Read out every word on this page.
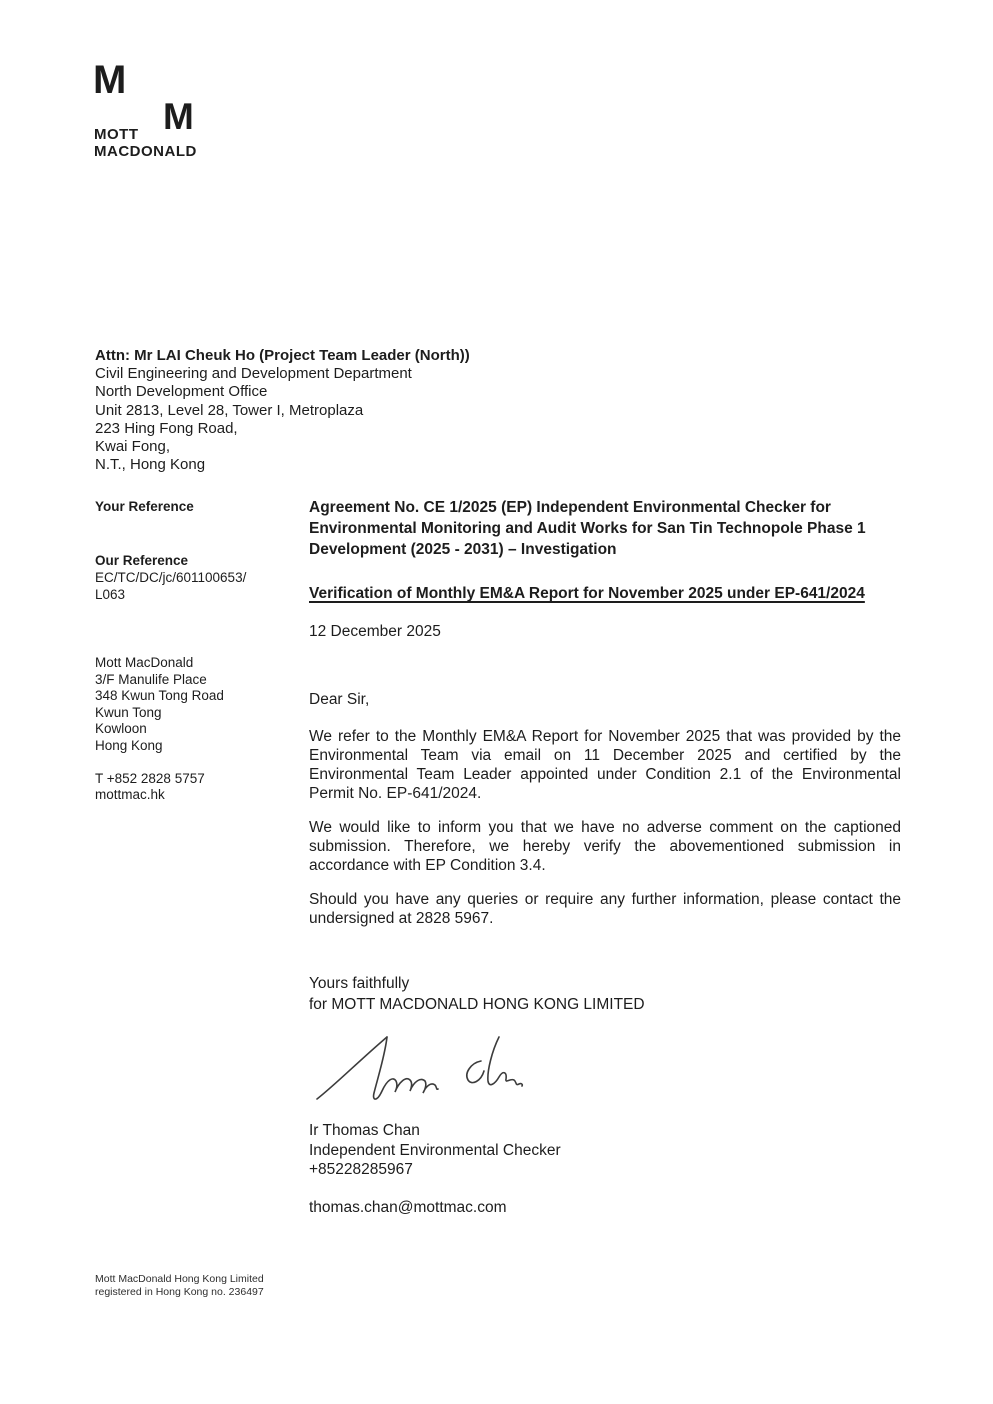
M
M
MOTT
MACDONALD
Attn: Mr LAI Cheuk Ho (Project Team Leader (North))
Civil Engineering and Development Department
North Development Office
Unit 2813, Level 28, Tower I, Metroplaza
223 Hing Fong Road,
Kwai Fong,
N.T., Hong Kong
Your Reference
Our Reference
EC/TC/DC/jc/601100653/
L063
Mott MacDonald
3/F Manulife Place
348 Kwun Tong Road
Kwun Tong
Kowloon
Hong Kong
T +852 2828 5757
mottmac.hk
Agreement No. CE 1/2025 (EP) Independent Environmental Checker for Environmental Monitoring and Audit Works for San Tin Technopole Phase 1 Development (2025 - 2031) – Investigation
Verification of Monthly EM&A Report for November 2025 under EP-641/2024
12 December 2025
Dear Sir,
We refer to the Monthly EM&A Report for November 2025 that was provided by the Environmental Team via email on 11 December 2025 and certified by the Environmental Team Leader appointed under Condition 2.1 of the Environmental Permit No. EP-641/2024.
We would like to inform you that we have no adverse comment on the captioned submission. Therefore, we hereby verify the abovementioned submission in accordance with EP Condition 3.4.
Should you have any queries or require any further information, please contact the undersigned at 2828 5967.
Yours faithfully
for MOTT MACDONALD HONG KONG LIMITED
Ir Thomas Chan
Independent Environmental Checker
+85228285967
thomas.chan@mottmac.com
Mott MacDonald Hong Kong Limited
registered in Hong Kong no. 236497
